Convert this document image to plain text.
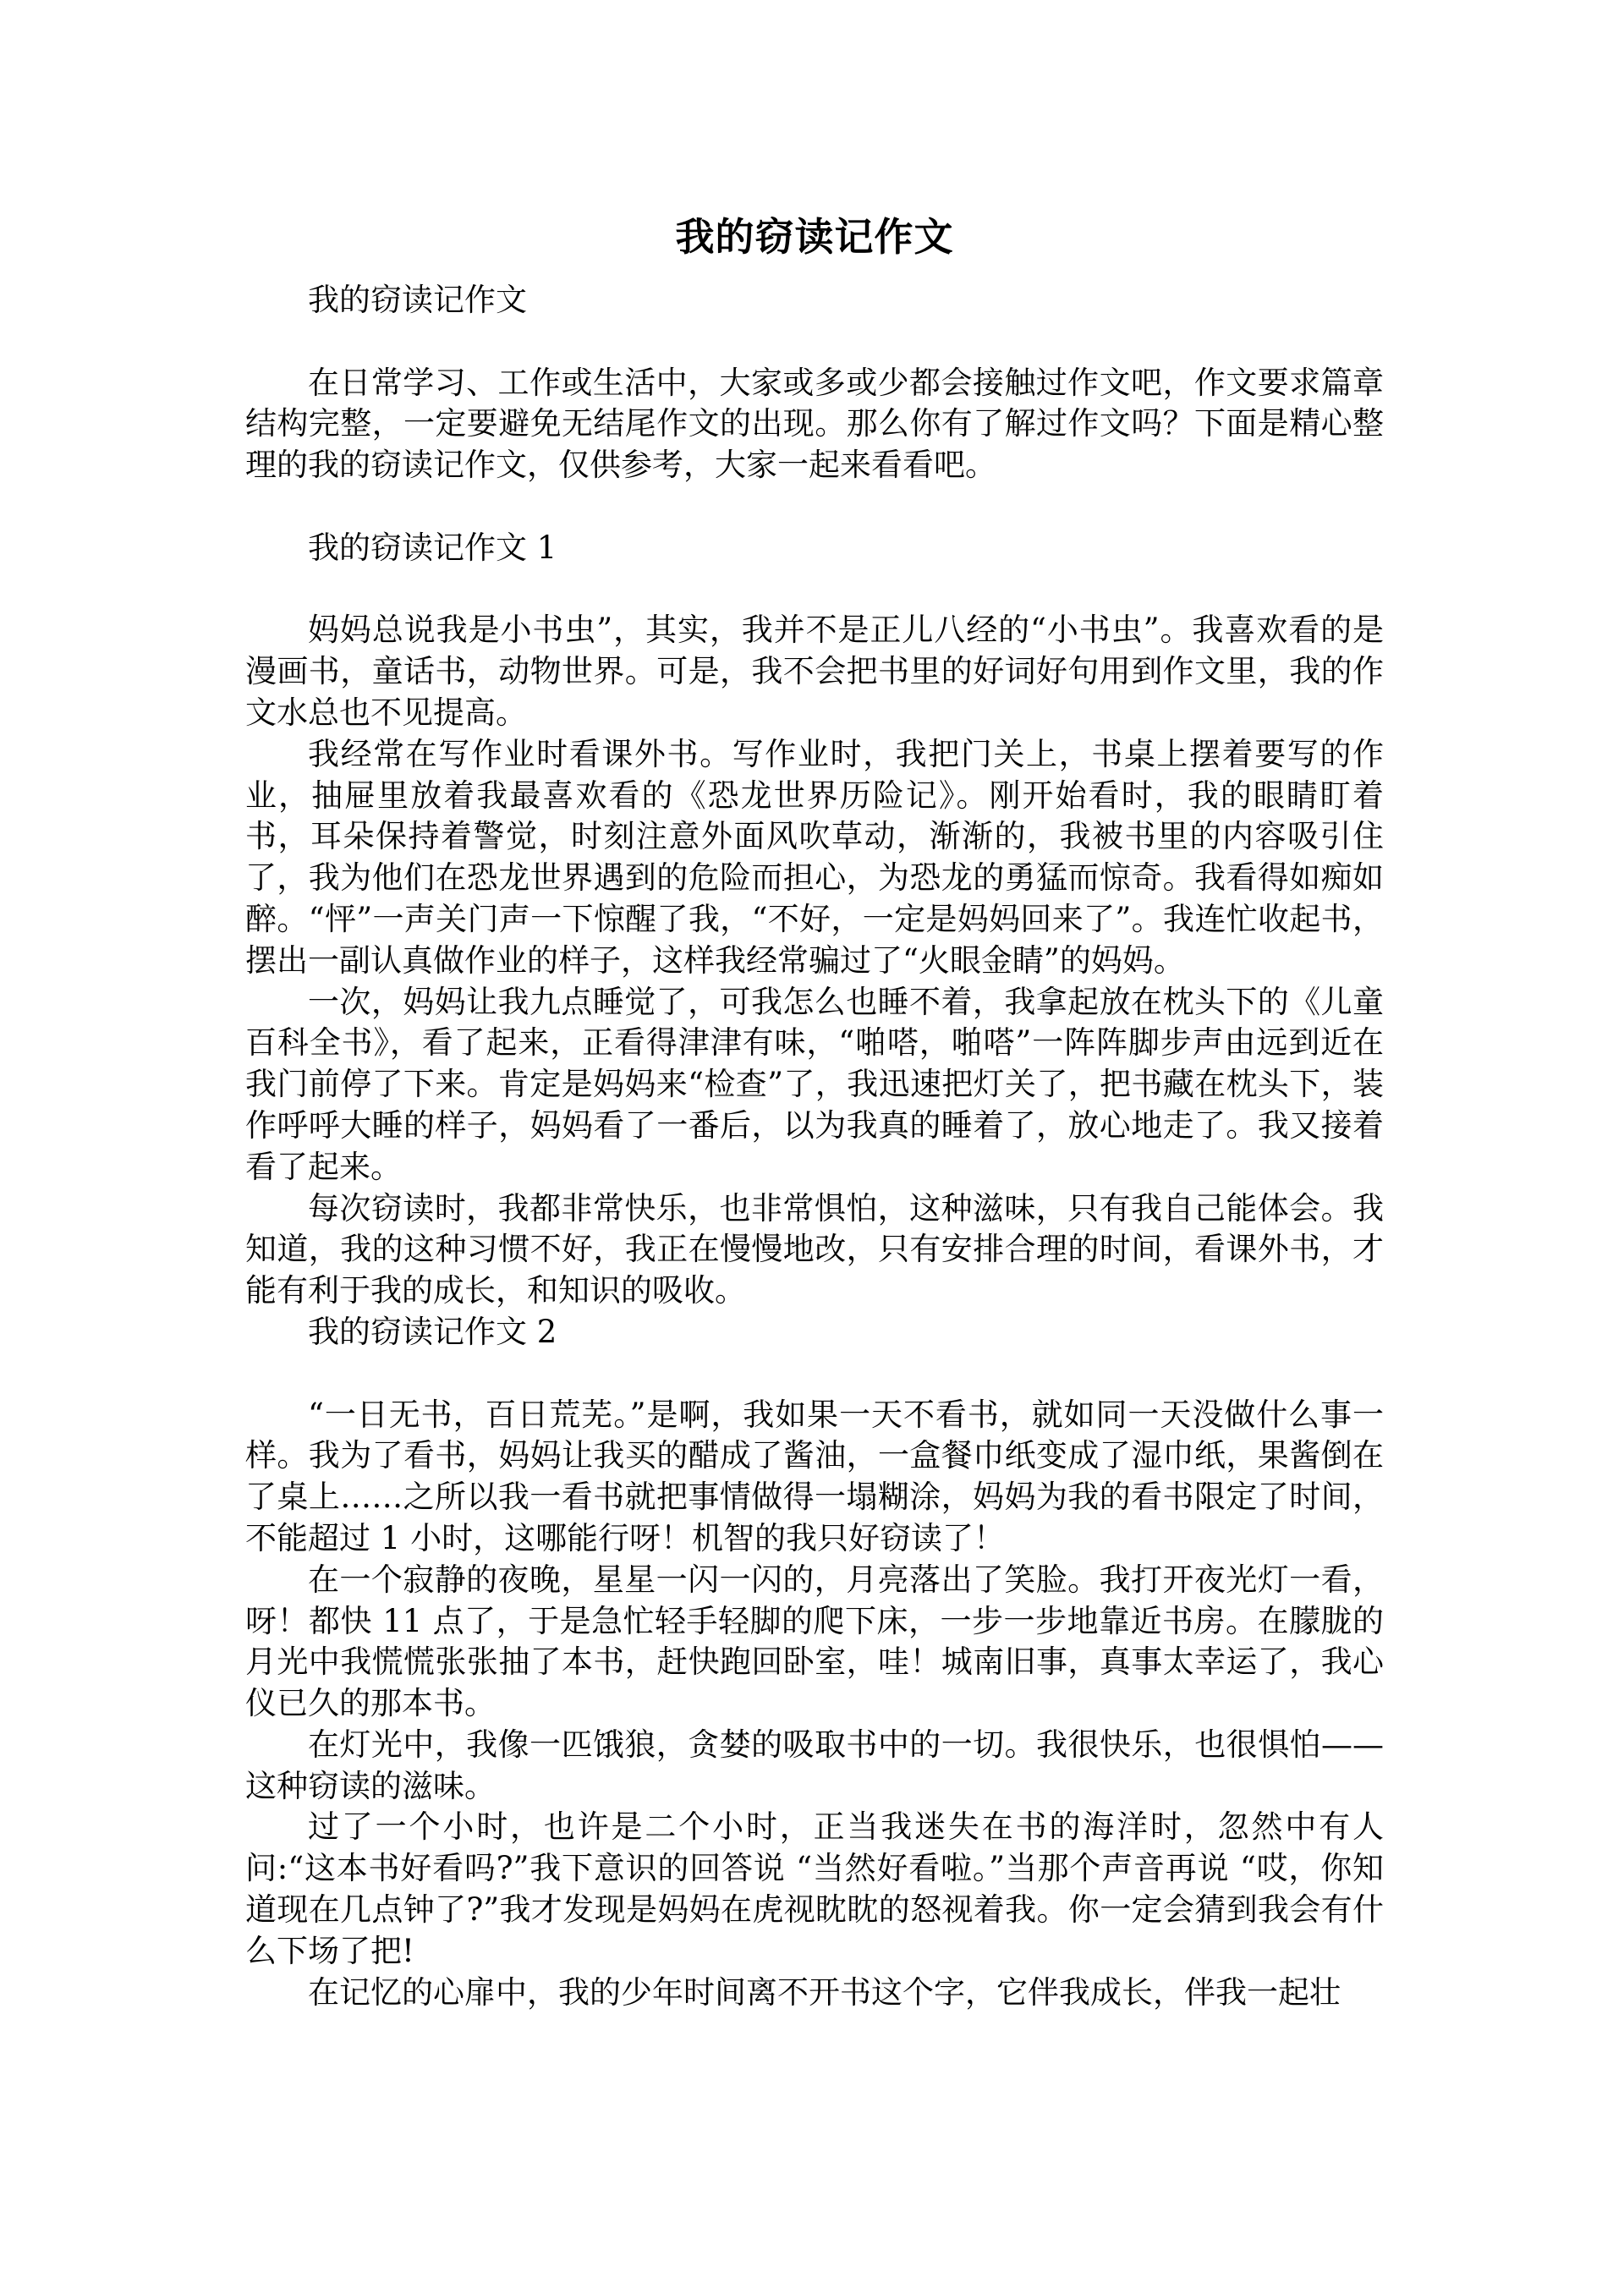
我的窃读记作文

我的窃读记作文

在日常学习、工作或生活中，大家或多或少都会接触过作文吧，作文要求篇章结构完整，一定要避免无结尾作文的出现。那么你有了解过作文吗？下面是精心整理的我的窃读记作文，仅供参考，大家一起来看看吧。

我的窃读记作文 1

妈妈总说我是小书虫”，其实，我并不是正儿八经的“小书虫”。我喜欢看的是漫画书，童话书，动物世界。可是，我不会把书里的好词好句用到作文里，我的作文水总也不见提高。

我经常在写作业时看课外书。写作业时，我把门关上，书桌上摆着要写的作业，抽屉里放着我最喜欢看的《恐龙世界历险记》。刚开始看时，我的眼睛盯着书，耳朵保持着警觉，时刻注意外面风吹草动，渐渐的，我被书里的内容吸引住了，我为他们在恐龙世界遇到的危险而担心，为恐龙的勇猛而惊奇。我看得如痴如醉。“怦”一声关门声一下惊醒了我，“不好，一定是妈妈回来了”。我连忙收起书，摆出一副认真做作业的样子，这样我经常骗过了“火眼金睛”的妈妈。

一次，妈妈让我九点睡觉了，可我怎么也睡不着，我拿起放在枕头下的《儿童百科全书》，看了起来，正看得津津有味，“啪嗒，啪嗒”一阵阵脚步声由远到近在我门前停了下来。肯定是妈妈来“检查”了，我迅速把灯关了，把书藏在枕头下，装作呼呼大睡的样子，妈妈看了一番后，以为我真的睡着了，放心地走了。我又接着看了起来。

每次窃读时，我都非常快乐，也非常惧怕，这种滋味，只有我自己能体会。我知道，我的这种习惯不好，我正在慢慢地改，只有安排合理的时间，看课外书，才能有利于我的成长，和知识的吸收。

我的窃读记作文 2

“一日无书，百日荒芜。”是啊，我如果一天不看书，就如同一天没做什么事一样。我为了看书，妈妈让我买的醋成了酱油，一盒餐巾纸变成了湿巾纸，果酱倒在了桌上……之所以我一看书就把事情做得一塌糊涂，妈妈为我的看书限定了时间，不能超过 1 小时，这哪能行呀！机智的我只好窃读了！

在一个寂静的夜晚，星星一闪一闪的，月亮落出了笑脸。我打开夜光灯一看，呀！都快 11 点了，于是急忙轻手轻脚的爬下床，一步一步地靠近书房。在朦胧的月光中我慌慌张张抽了本书，赶快跑回卧室，哇！城南旧事，真事太幸运了，我心仪已久的那本书。

在灯光中，我像一匹饿狼，贪婪的吸取书中的一切。我很快乐，也很惧怕——这种窃读的滋味。

过了一个小时，也许是二个小时，正当我迷失在书的海洋时，忽然中有人问:“这本书好看吗?”我下意识的回答说 “当然好看啦。”当那个声音再说 “哎，你知道现在几点钟了?”我才发现是妈妈在虎视眈眈的怒视着我。你一定会猜到我会有什么下场了把!

在记忆的心扉中，我的少年时间离不开书这个字，它伴我成长，伴我一起壮
